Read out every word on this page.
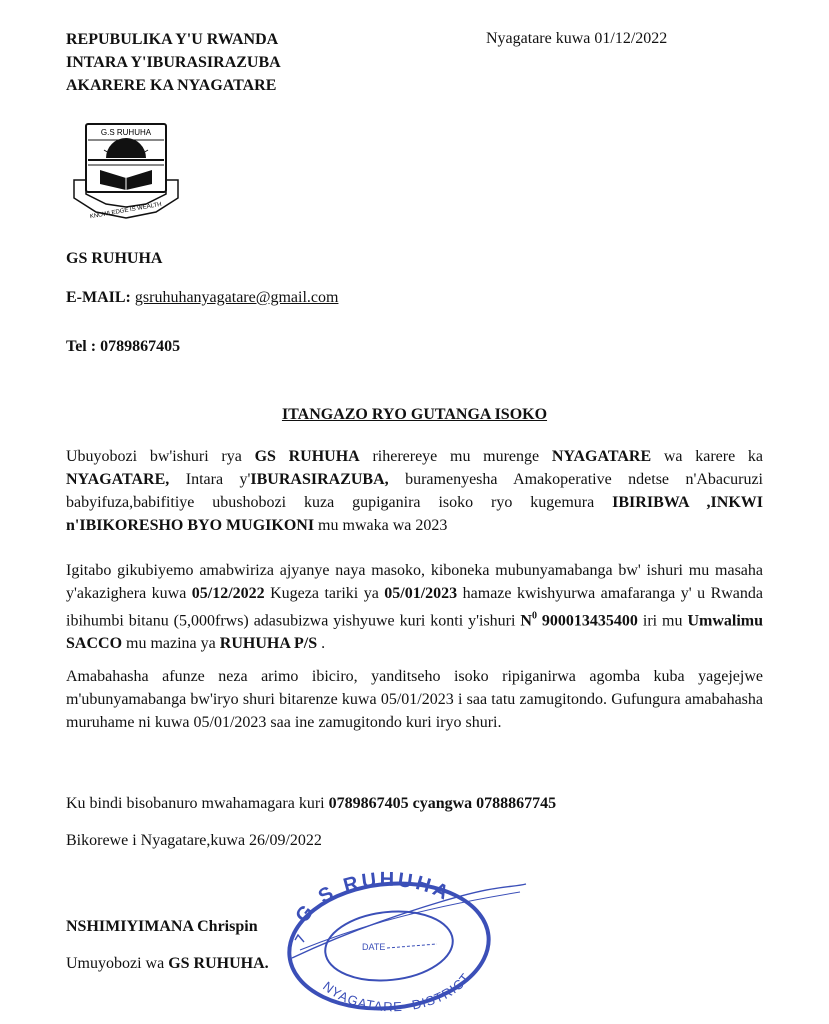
REPUBULIKA Y'U RWANDA
INTARA Y'IBURASIRAZUBA
AKARERE KA NYAGATARE
Nyagatare kuwa 01/12/2022
G.S RUHUHA
KNOWLEDGE IS WEALTH
GS RUHUHA
E-MAIL: gsruhuhanyagatare@gmail.com
Tel : 0789867405
ITANGAZO RYO GUTANGA ISOKO
Ubuyobozi bw'ishuri rya GS RUHUHA riherereye mu murenge NYAGATARE wa karere ka NYAGATARE, Intara y'IBURASIRAZUBA, buramenyesha Amakoperative ndetse n'Abacuruzi babyifuza,babifitiye ubushobozi kuza gupiganira isoko ryo kugemura IBIRIBWA ,INKWI n'IBIKORESHO BYO MUGIKONI mu mwaka wa 2023
Igitabo gikubiyemo amabwiriza ajyanye naya masoko, kiboneka mubunyamabanga bw' ishuri mu masaha y'akazighera kuwa 05/12/2022 Kugeza tariki ya 05/01/2023 hamaze kwishyurwa amafaranga y' u Rwanda ibihumbi bitanu (5,000frws) adasubizwa yishyuwe kuri konti y'ishuri $N^0$ 900013435400 iri mu Umwalimu SACCO mu mazina ya RUHUHA P/S .
Amabahasha afunze neza arimo ibiciro, yanditseho isoko ripiganirwa agomba kuba yagejejwe m'ubunyamabanga bw'iryo shuri bitarenze kuwa 05/01/2023 i saa tatu zamugitondo. Gufungura amabahasha muruhame ni kuwa 05/01/2023 saa ine zamugitondo kuri iryo shuri.
Ku bindi bisobanuro mwahamagara kuri 0789867405 cyangwa 0788867745
Bikorewe i Nyagatare,kuwa 26/09/2022
G S RUHUHA
DATE
NYAGATARE -DISTRICT
NSHIMIYIMANA Chrispin
Umuyobozi wa GS RUHUHA.
